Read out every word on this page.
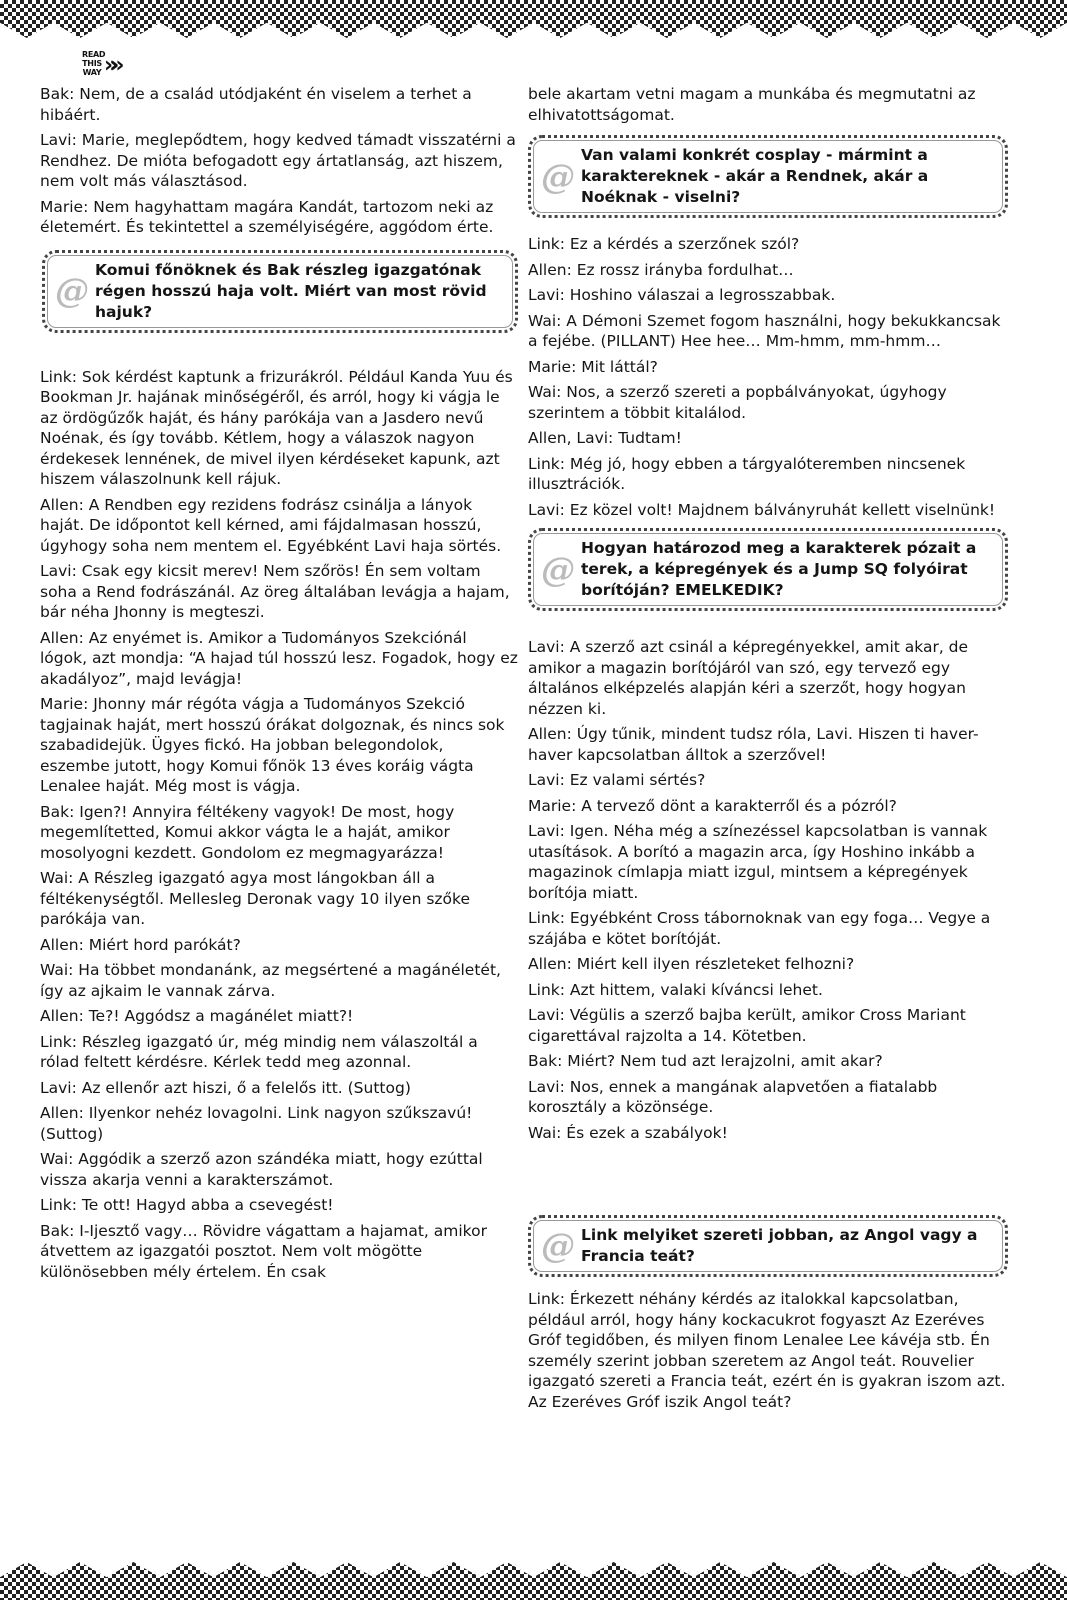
READ
THIS
WAY »»

Bak: Nem, de a család utódjaként én viselem a terhet a hibáért.

Lavi: Marie, meglepődtem, hogy kedved támadt visszatérni a Rendhez. De mióta befogadott egy ártatlanság, azt hiszem, nem volt más választásod.

Marie: Nem hagyhattam magára Kandát, tartozom neki az életemért. És tekintettel a személyiségére, aggódom érte.

@
Komui főnöknek és Bak részleg igazgatónak régen hosszú haja volt. Miért van most rövid hajuk?

Link: Sok kérdést kaptunk a frizurákról. Például Kanda Yuu és Bookman Jr. hajának minőségéről, és arról, hogy ki vágja le az ördögűzők haját, és hány parókája van a Jasdero nevű Noénak, és így tovább. Kétlem, hogy a válaszok nagyon érdekesek lennének, de mivel ilyen kérdéseket kapunk, azt hiszem válaszolnunk kell rájuk.

Allen: A Rendben egy rezidens fodrász csinálja a lányok haját. De időpontot kell kérned, ami fájdalmasan hosszú, úgyhogy soha nem mentem el. Egyébként Lavi haja sörtés.

Lavi: Csak egy kicsit merev! Nem szőrös! Én sem voltam soha a Rend fodrászánál. Az öreg általában levágja a hajam, bár néha Jhonny is megteszi.

Allen: Az enyémet is. Amikor a Tudományos Szekciónál lógok, azt mondja: “A hajad túl hosszú lesz. Fogadok, hogy ez akadályoz”, majd levágja!

Marie: Jhonny már régóta vágja a Tudományos Szekció tagjainak haját, mert hosszú órákat dolgoznak, és nincs sok szabadidejük. Ügyes fickó. Ha jobban belegondolok, eszembe jutott, hogy Komui főnök 13 éves koráig vágta Lenalee haját. Még most is vágja.

Bak: Igen?! Annyira féltékeny vagyok! De most, hogy megemlítetted, Komui akkor vágta le a haját, amikor mosolyogni kezdett. Gondolom ez megmagyarázza!

Wai: A Részleg igazgató agya most lángokban áll a féltékenységtől. Mellesleg Deronak vagy 10 ilyen szőke parókája van.

Allen: Miért hord parókát?

Wai: Ha többet mondanánk, az megsértené a magánéletét, így az ajkaim le vannak zárva.

Allen: Te?! Aggódsz a magánélet miatt?!

Link: Részleg igazgató úr, még mindig nem válaszoltál a rólad feltett kérdésre. Kérlek tedd meg azonnal.

Lavi: Az ellenőr azt hiszi, ő a felelős itt. (Suttog)

Allen: Ilyenkor nehéz lovagolni. Link nagyon szűkszavú! (Suttog)

Wai: Aggódik a szerző azon szándéka miatt, hogy ezúttal vissza akarja venni a karakterszámot.

Link: Te ott! Hagyd abba a csevegést!

Bak: I-Ijesztő vagy… Rövidre vágattam a hajamat, amikor átvettem az igazgatói posztot. Nem volt mögötte különösebben mély értelem. Én csak

bele akartam vetni magam a munkába és megmutatni az elhivatottságomat.

@
Van valami konkrét cosplay - mármint a karaktereknek - akár a Rendnek, akár a Noéknak - viselni?

Link: Ez a kérdés a szerzőnek szól?

Allen: Ez rossz irányba fordulhat…

Lavi: Hoshino válaszai a legrosszabbak.

Wai: A Démoni Szemet fogom használni, hogy bekukkancsak a fejébe. (PILLANT) Hee hee… Mm-hmm, mm-hmm…

Marie: Mit láttál?

Wai: Nos, a szerző szereti a popbálványokat, úgyhogy szerintem a többit kitalálod.

Allen, Lavi: Tudtam!

Link: Még jó, hogy ebben a tárgyalóteremben nincsenek illusztrációk.

Lavi: Ez közel volt! Majdnem bálványruhát kellett viselnünk!

@
Hogyan határozod meg a karakterek pózait a terek, a képregények és a Jump SQ folyóirat borítóján? EMELKEDIK?

Lavi: A szerző azt csinál a képregényekkel, amit akar, de amikor a magazin borítójáról van szó, egy tervező egy általános elképzelés alapján kéri a szerzőt, hogy hogyan nézzen ki.

Allen: Úgy tűnik, mindent tudsz róla, Lavi. Hiszen ti haver-haver kapcsolatban álltok a szerzővel!

Lavi: Ez valami sértés?

Marie: A tervező dönt a karakterről és a pózról?

Lavi: Igen. Néha még a színezéssel kapcsolatban is vannak utasítások. A borító a magazin arca, így Hoshino inkább a magazinok címlapja miatt izgul, mintsem a képregények borítója miatt.

Link: Egyébként Cross tábornoknak van egy foga… Vegye a szájába e kötet borítóját.

Allen: Miért kell ilyen részleteket felhozni?

Link: Azt hittem, valaki kíváncsi lehet.

Lavi: Végülis a szerző bajba került, amikor Cross Mariant cigarettával rajzolta a 14. Kötetben.

Bak: Miért? Nem tud azt lerajzolni, amit akar?

Lavi: Nos, ennek a mangának alapvetően a fiatalabb korosztály a közönsége.

Wai: És ezek a szabályok!

@ Link melyiket szereti jobban, az Angol vagy a Francia teát?

Link: Érkezett néhány kérdés az italokkal kapcsolatban, például arról, hogy hány kockacukrot fogyaszt Az Ezeréves Gróf tegidőben, és milyen finom Lenalee Lee kávéja stb. Én személy szerint jobban szeretem az Angol teát. Rouvelier igazgató szereti a Francia teát, ezért én is gyakran iszom azt. Az Ezeréves Gróf iszik Angol teát?
